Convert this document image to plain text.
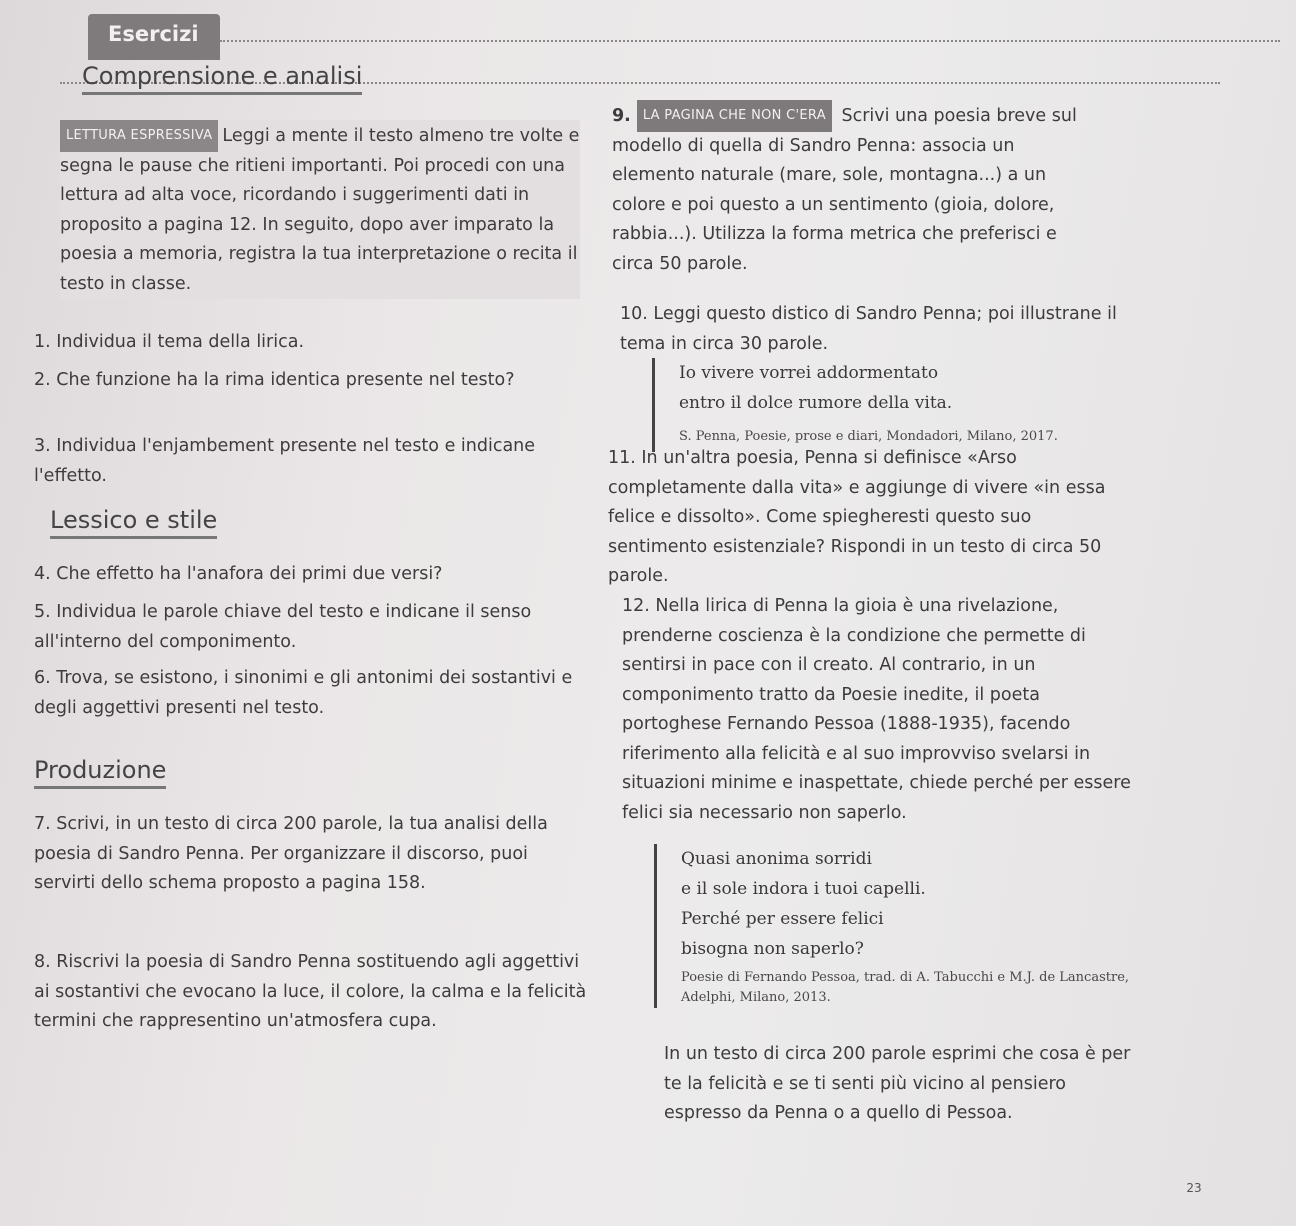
Esercizi
Comprensione e analisi
LETTURA ESPRESSIVA Leggi a mente il testo almeno tre volte e segna le pause che ritieni importanti. Poi procedi con una lettura ad alta voce, ricordando i suggerimenti dati in proposito a pagina 12. In seguito, dopo aver imparato la poesia a memoria, registra la tua interpretazione o recita il testo in classe.
1. Individua il tema della lirica.
2. Che funzione ha la rima identica presente nel testo?
3. Individua l'enjambement presente nel testo e indicane l'effetto.
Lessico e stile
4. Che effetto ha l'anafora dei primi due versi?
5. Individua le parole chiave del testo e indicane il senso all'interno del componimento.
6. Trova, se esistono, i sinonimi e gli antonimi dei sostantivi e degli aggettivi presenti nel testo.
Produzione
7. Scrivi, in un testo di circa 200 parole, la tua analisi della poesia di Sandro Penna. Per organizzare il discorso, puoi servirti dello schema proposto a pagina 158.
8. Riscrivi la poesia di Sandro Penna sostituendo agli aggettivi ai sostantivi che evocano la luce, il colore, la calma e la felicità termini che rappresentino un'atmosfera cupa.
9. LA PAGINA CHE NON C'ERA Scrivi una poesia breve sul modello di quella di Sandro Penna: associa un elemento naturale (mare, sole, montagna...) a un colore e poi questo a un sentimento (gioia, dolore, rabbia...). Utilizza la forma metrica che preferisci e circa 50 parole.
10. Leggi questo distico di Sandro Penna; poi illustrane il tema in circa 30 parole.
Io vivere vorrei addormentato
entro il dolce rumore della vita.
S. Penna, Poesie, prose e diari, Mondadori, Milano, 2017.
11. In un'altra poesia, Penna si definisce «Arso completamente dalla vita» e aggiunge di vivere «in essa felice e dissolto». Come spiegheresti questo suo sentimento esistenziale? Rispondi in un testo di circa 50 parole.
12. Nella lirica di Penna la gioia è una rivelazione, prenderne coscienza è la condizione che permette di sentirsi in pace con il creato. Al contrario, in un componimento tratto da Poesie inedite, il poeta portoghese Fernando Pessoa (1888-1935), facendo riferimento alla felicità e al suo improvviso svelarsi in situazioni minime e inaspettate, chiede perché per essere felici sia necessario non saperlo.
Quasi anonima sorridi
e il sole indora i tuoi capelli.
Perché per essere felici
bisogna non saperlo?
Poesie di Fernando Pessoa, trad. di A. Tabucchi e M.J. de Lancastre, Adelphi, Milano, 2013.
In un testo di circa 200 parole esprimi che cosa è per te la felicità e se ti senti più vicino al pensiero espresso da Penna o a quello di Pessoa.
23
